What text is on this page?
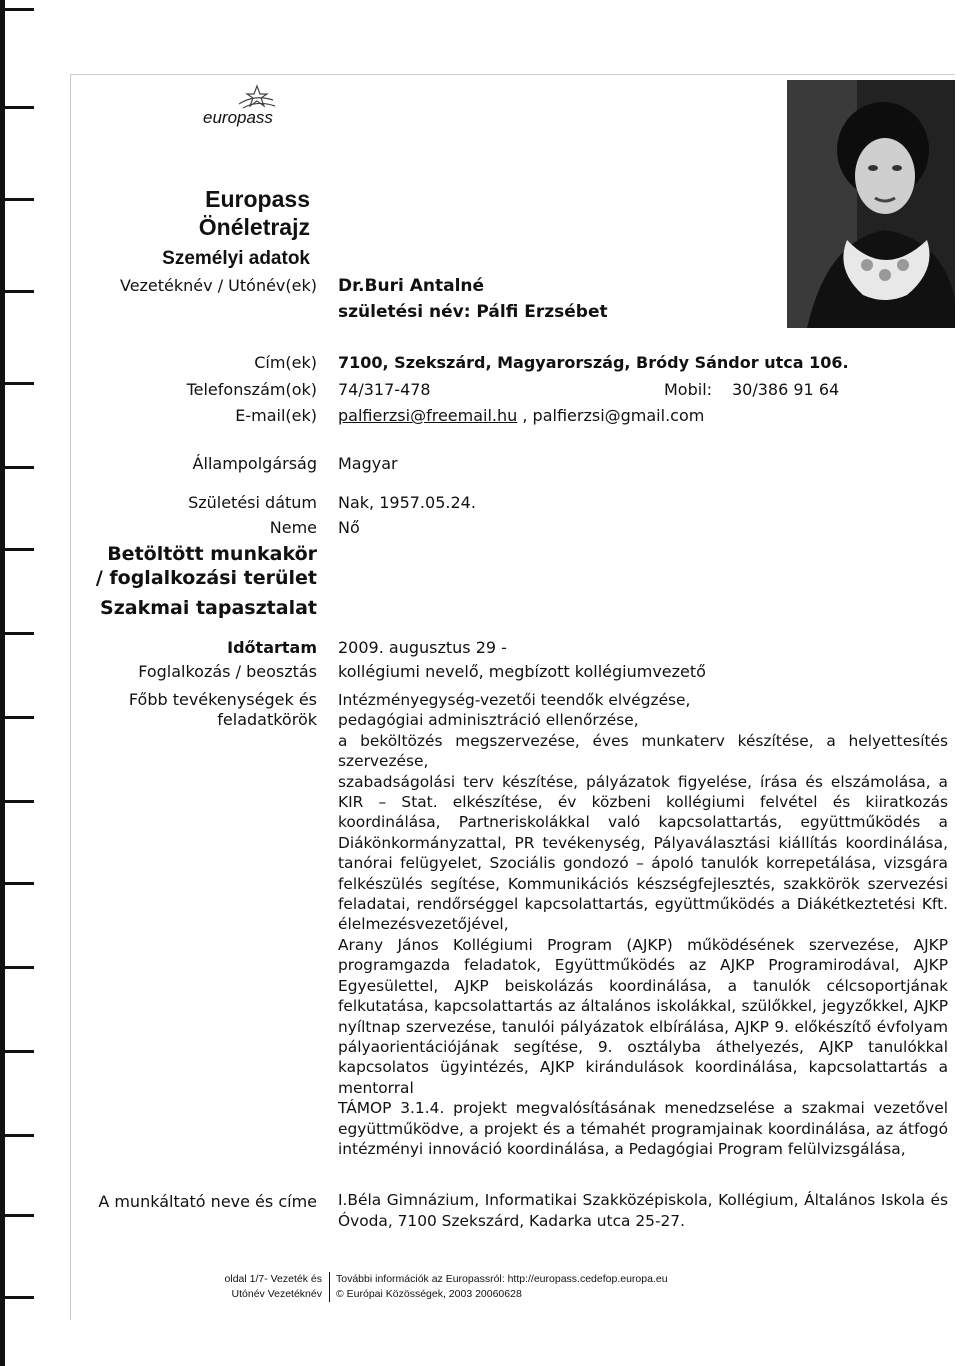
europass
Europass
Önéletrajz
Személyi adatok
Vezetéknév / Utónév(ek) Dr.Buri Antalné
születési név: Pálfi Erzsébet
Cím(ek) 7100, Szekszárd, Magyarország, Bródy Sándor utca 106.
Telefonszám(ok) 74/317-478	Mobil: 30/386 91 64
E-mail(ek) palfierzsi@freemail.hu , palfierzsi@gmail.com
Állampolgárság Magyar
Születési dátum Nak, 1957.05.24.
Neme Nő
Betöltött munkakör
/ foglalkozási terület
Szakmai tapasztalat
Időtartam 2009. augusztus 29 -
Foglalkozás / beosztás kollégiumi nevelő, megbízott kollégiumvezető
Főbb tevékenységek és
feladatkörök
Intézményegység-vezetői teendők elvégzése,
pedagógiai adminisztráció ellenőrzése,
a beköltözés megszervezése, éves munkaterv készítése, a helyettesítés szervezése,
szabadságolási terv készítése, pályázatok figyelése, írása és elszámolása, a KIR – Stat. elkészítése, év közbeni kollégiumi felvétel és kiiratkozás koordinálása, Partneriskolákkal való kapcsolattartás, együttműködés a Diákönkormányzattal, PR tevékenység, Pályaválasztási kiállítás koordinálása, tanórai felügyelet, Szociális gondozó – ápoló tanulók korrepetálása, vizsgára felkészülés segítése, Kommunikációs készségfejlesztés, szakkörök szervezési feladatai, rendőrséggel kapcsolattartás, együttműködés a Diákétkeztetési Kft. élelmezésvezetőjével,
Arany János Kollégiumi Program (AJKP) működésének szervezése, AJKP programgazda feladatok, Együttműködés az AJKP Programirodával, AJKP Egyesülettel, AJKP beiskolázás koordinálása, a tanulók célcsoportjának felkutatása, kapcsolattartás az általános iskolákkal, szülőkkel, jegyzőkkel, AJKP nyíltnap szervezése, tanulói pályázatok elbírálása, AJKP 9. előkészítő évfolyam pályaorientációjának segítése, 9. osztályba áthelyezés, AJKP tanulókkal kapcsolatos ügyintézés, AJKP kirándulások koordinálása, kapcsolattartás a mentorral
TÁMOP 3.1.4. projekt megvalósításának menedzselése a szakmai vezetővel együttműködve, a projekt és a témahét programjainak koordinálása, az átfogó intézményi innováció koordinálása, a Pedagógiai Program felülvizsgálása,
A munkáltató neve és címe I.Béla Gimnázium, Informatikai Szakközépiskola, Kollégium, Általános Iskola és Óvoda, 7100 Szekszárd, Kadarka utca 25-27.
oldal 1/7- Vezeték és
Utónév Vezetéknév
További információk az Europassról: http://europass.cedefop.europa.eu
© Európai Közösségek, 2003 20060628
